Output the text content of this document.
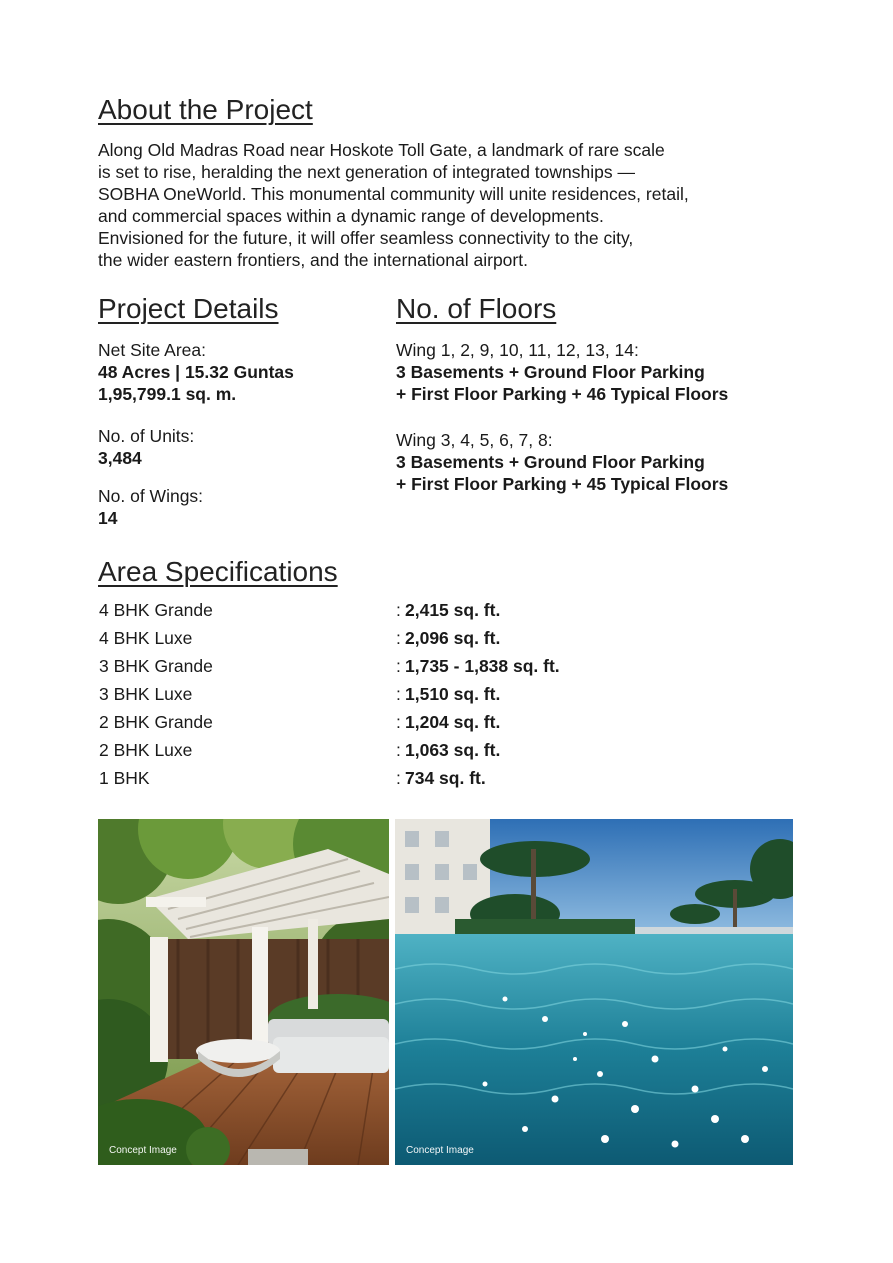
About the Project

Along Old Madras Road near Hoskote Toll Gate, a landmark of rare scale
is set to rise, heralding the next generation of integrated townships —
SOBHA OneWorld. This monumental community will unite residences, retail,
and commercial spaces within a dynamic range of developments.
Envisioned for the future, it will offer seamless connectivity to the city,
the wider eastern frontiers, and the international airport.

Project Details
Net Site Area:
48 Acres | 15.32 Guntas
1,95,799.1 sq. m.
No. of Units:
3,484
No. of Wings:
14
No. of Floors
Wing 1, 2, 9, 10, 11, 12, 13, 14:
3 Basements + Ground Floor Parking
+ First Floor Parking + 46 Typical Floors
Wing 3, 4, 5, 6, 7, 8:
3 Basements + Ground Floor Parking
+ First Floor Parking + 45 Typical Floors
Area Specifications
4 BHK Grande	: 2,415 sq. ft.
4 BHK Luxe	: 2,096 sq. ft.
3 BHK Grande	: 1,735 - 1,838 sq. ft.
3 BHK Luxe	: 1,510 sq. ft.
2 BHK Grande	: 1,204 sq. ft.
2 BHK Luxe	: 1,063 sq. ft.
1 BHK	: 734 sq. ft.
Concept Image	Concept Image
